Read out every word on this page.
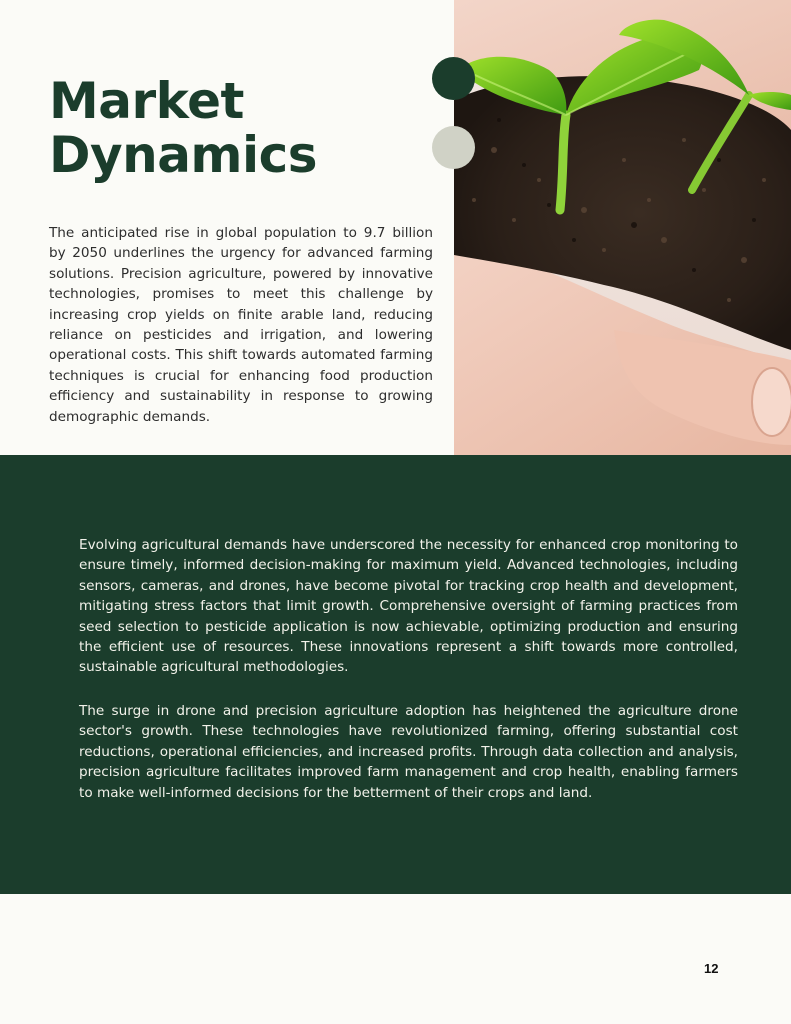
Market
Dynamics

The anticipated rise in global population to 9.7 billion by 2050 underlines the urgency for advanced farming solutions. Precision agriculture, powered by innovative technologies, promises to meet this challenge by increasing crop yields on finite arable land, reducing reliance on pesticides and irrigation, and lowering operational costs. This shift towards automated farming techniques is crucial for enhancing food production efficiency and sustainability in response to growing demographic demands.

Evolving agricultural demands have underscored the necessity for enhanced crop monitoring to ensure timely, informed decision-making for maximum yield. Advanced technologies, including sensors, cameras, and drones, have become pivotal for tracking crop health and development, mitigating stress factors that limit growth. Comprehensive oversight of farming practices from seed selection to pesticide application is now achievable, optimizing production and ensuring the efficient use of resources. These innovations represent a shift towards more controlled, sustainable agricultural methodologies.

The surge in drone and precision agriculture adoption has heightened the agriculture drone sector's growth. These technologies have revolutionized farming, offering substantial cost reductions, operational efficiencies, and increased profits. Through data collection and analysis, precision agriculture facilitates improved farm management and crop health, enabling farmers to make well-informed decisions for the betterment of their crops and land.

12
